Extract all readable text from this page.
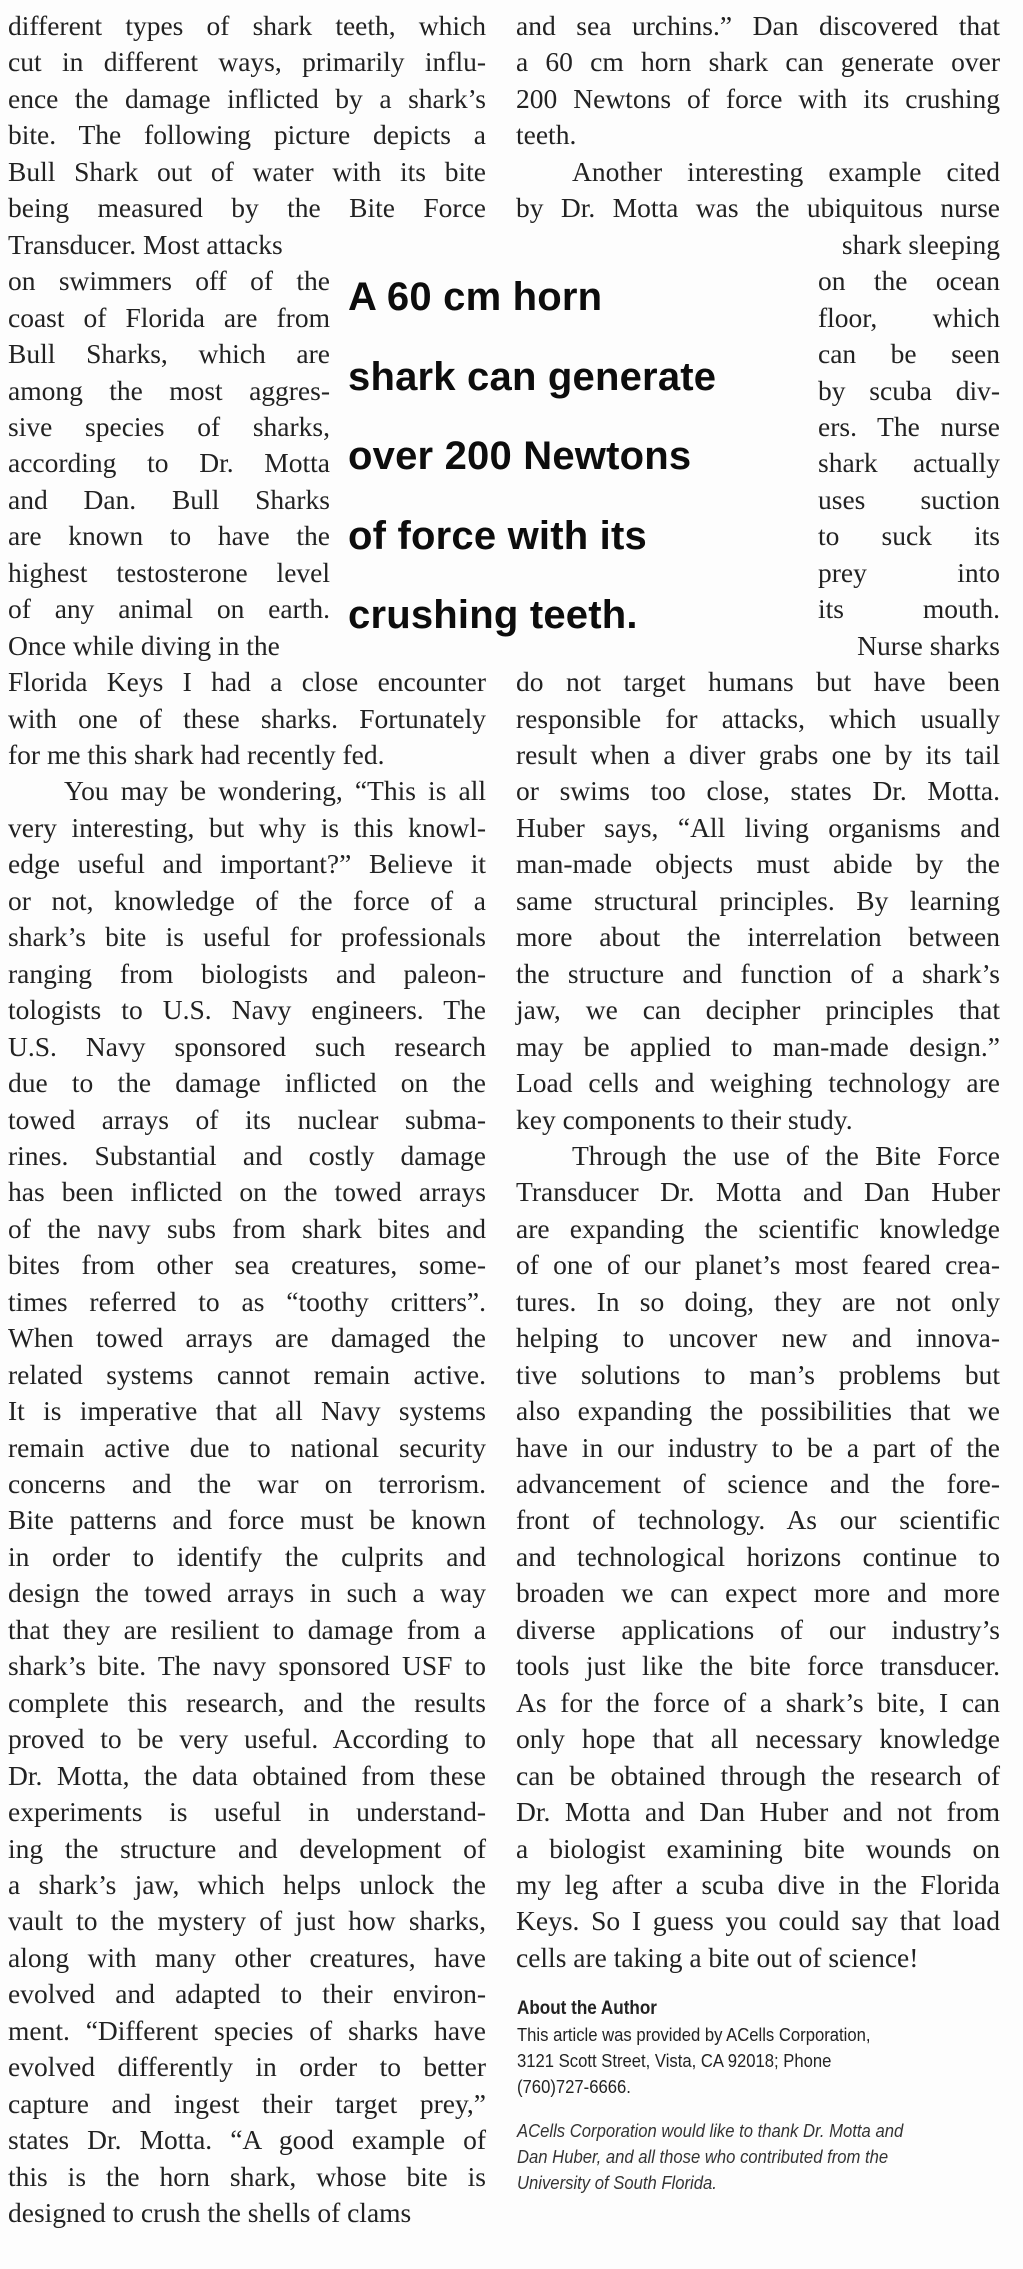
different types of shark teeth, which
cut in different ways, primarily influ-
ence the damage inflicted by a shark’s
bite. The following picture depicts a
Bull Shark out of water with its bite
being measured by the Bite Force
Transducer. Most attacks
on swimmers off of the
coast of Florida are from
Bull Sharks, which are
among the most aggres-
sive species of sharks,
according to Dr. Motta
and Dan. Bull Sharks
are known to have the
highest testosterone level
of any animal on earth.
Once while diving in the
Florida Keys I had a close encounter
with one of these sharks. Fortunately
for me this shark had recently fed.
You may be wondering, “This is all
very interesting, but why is this knowl-
edge useful and important?” Believe it
or not, knowledge of the force of a
shark’s bite is useful for professionals
ranging from biologists and paleon-
tologists to U.S. Navy engineers. The
U.S. Navy sponsored such research
due to the damage inflicted on the
towed arrays of its nuclear subma-
rines. Substantial and costly damage
has been inflicted on the towed arrays
of the navy subs from shark bites and
bites from other sea creatures, some-
times referred to as “toothy critters”.
When towed arrays are damaged the
related systems cannot remain active.
It is imperative that all Navy systems
remain active due to national security
concerns and the war on terrorism.
Bite patterns and force must be known
in order to identify the culprits and
design the towed arrays in such a way
that they are resilient to damage from a
shark’s bite. The navy sponsored USF to
complete this research, and the results
proved to be very useful. According to
Dr. Motta, the data obtained from these
experiments is useful in understand-
ing the structure and development of
a shark’s jaw, which helps unlock the
vault to the mystery of just how sharks,
along with many other creatures, have
evolved and adapted to their environ-
ment. “Different species of sharks have
evolved differently in order to better
capture and ingest their target prey,”
states Dr. Motta. “A good example of
this is the horn shark, whose bite is
designed to crush the shells of clams
and sea urchins.” Dan discovered that
a 60 cm horn shark can generate over
200 Newtons of force with its crushing
teeth.
Another interesting example cited
by Dr. Motta was the ubiquitous nurse
shark sleeping
on the ocean
floor, which
can be seen
by scuba div-
ers. The nurse
shark actually
uses suction
to suck its
prey into
its mouth.
Nurse sharks
do not target humans but have been
responsible for attacks, which usually
result when a diver grabs one by its tail
or swims too close, states Dr. Motta.
Huber says, “All living organisms and
man-made objects must abide by the
same structural principles. By learning
more about the interrelation between
the structure and function of a shark’s
jaw, we can decipher principles that
may be applied to man-made design.”
Load cells and weighing technology are
key components to their study.
Through the use of the Bite Force
Transducer Dr. Motta and Dan Huber
are expanding the scientific knowledge
of one of our planet’s most feared crea-
tures. In so doing, they are not only
helping to uncover new and innova-
tive solutions to man’s problems but
also expanding the possibilities that we
have in our industry to be a part of the
advancement of science and the fore-
front of technology. As our scientific
and technological horizons continue to
broaden we can expect more and more
diverse applications of our industry’s
tools just like the bite force transducer.
As for the force of a shark’s bite, I can
only hope that all necessary knowledge
can be obtained through the research of
Dr. Motta and Dan Huber and not from
a biologist examining bite wounds on
my leg after a scuba dive in the Florida
Keys. So I guess you could say that load
cells are taking a bite out of science!
A 60 cm horn
shark can generate
over 200 Newtons
of force with its
crushing teeth.
About the Author
This article was provided by ACells Corporation,
3121 Scott Street, Vista, CA 92018; Phone
(760)727-6666.
ACells Corporation would like to thank Dr. Motta and
Dan Huber, and all those who contributed from the
University of South Florida.
